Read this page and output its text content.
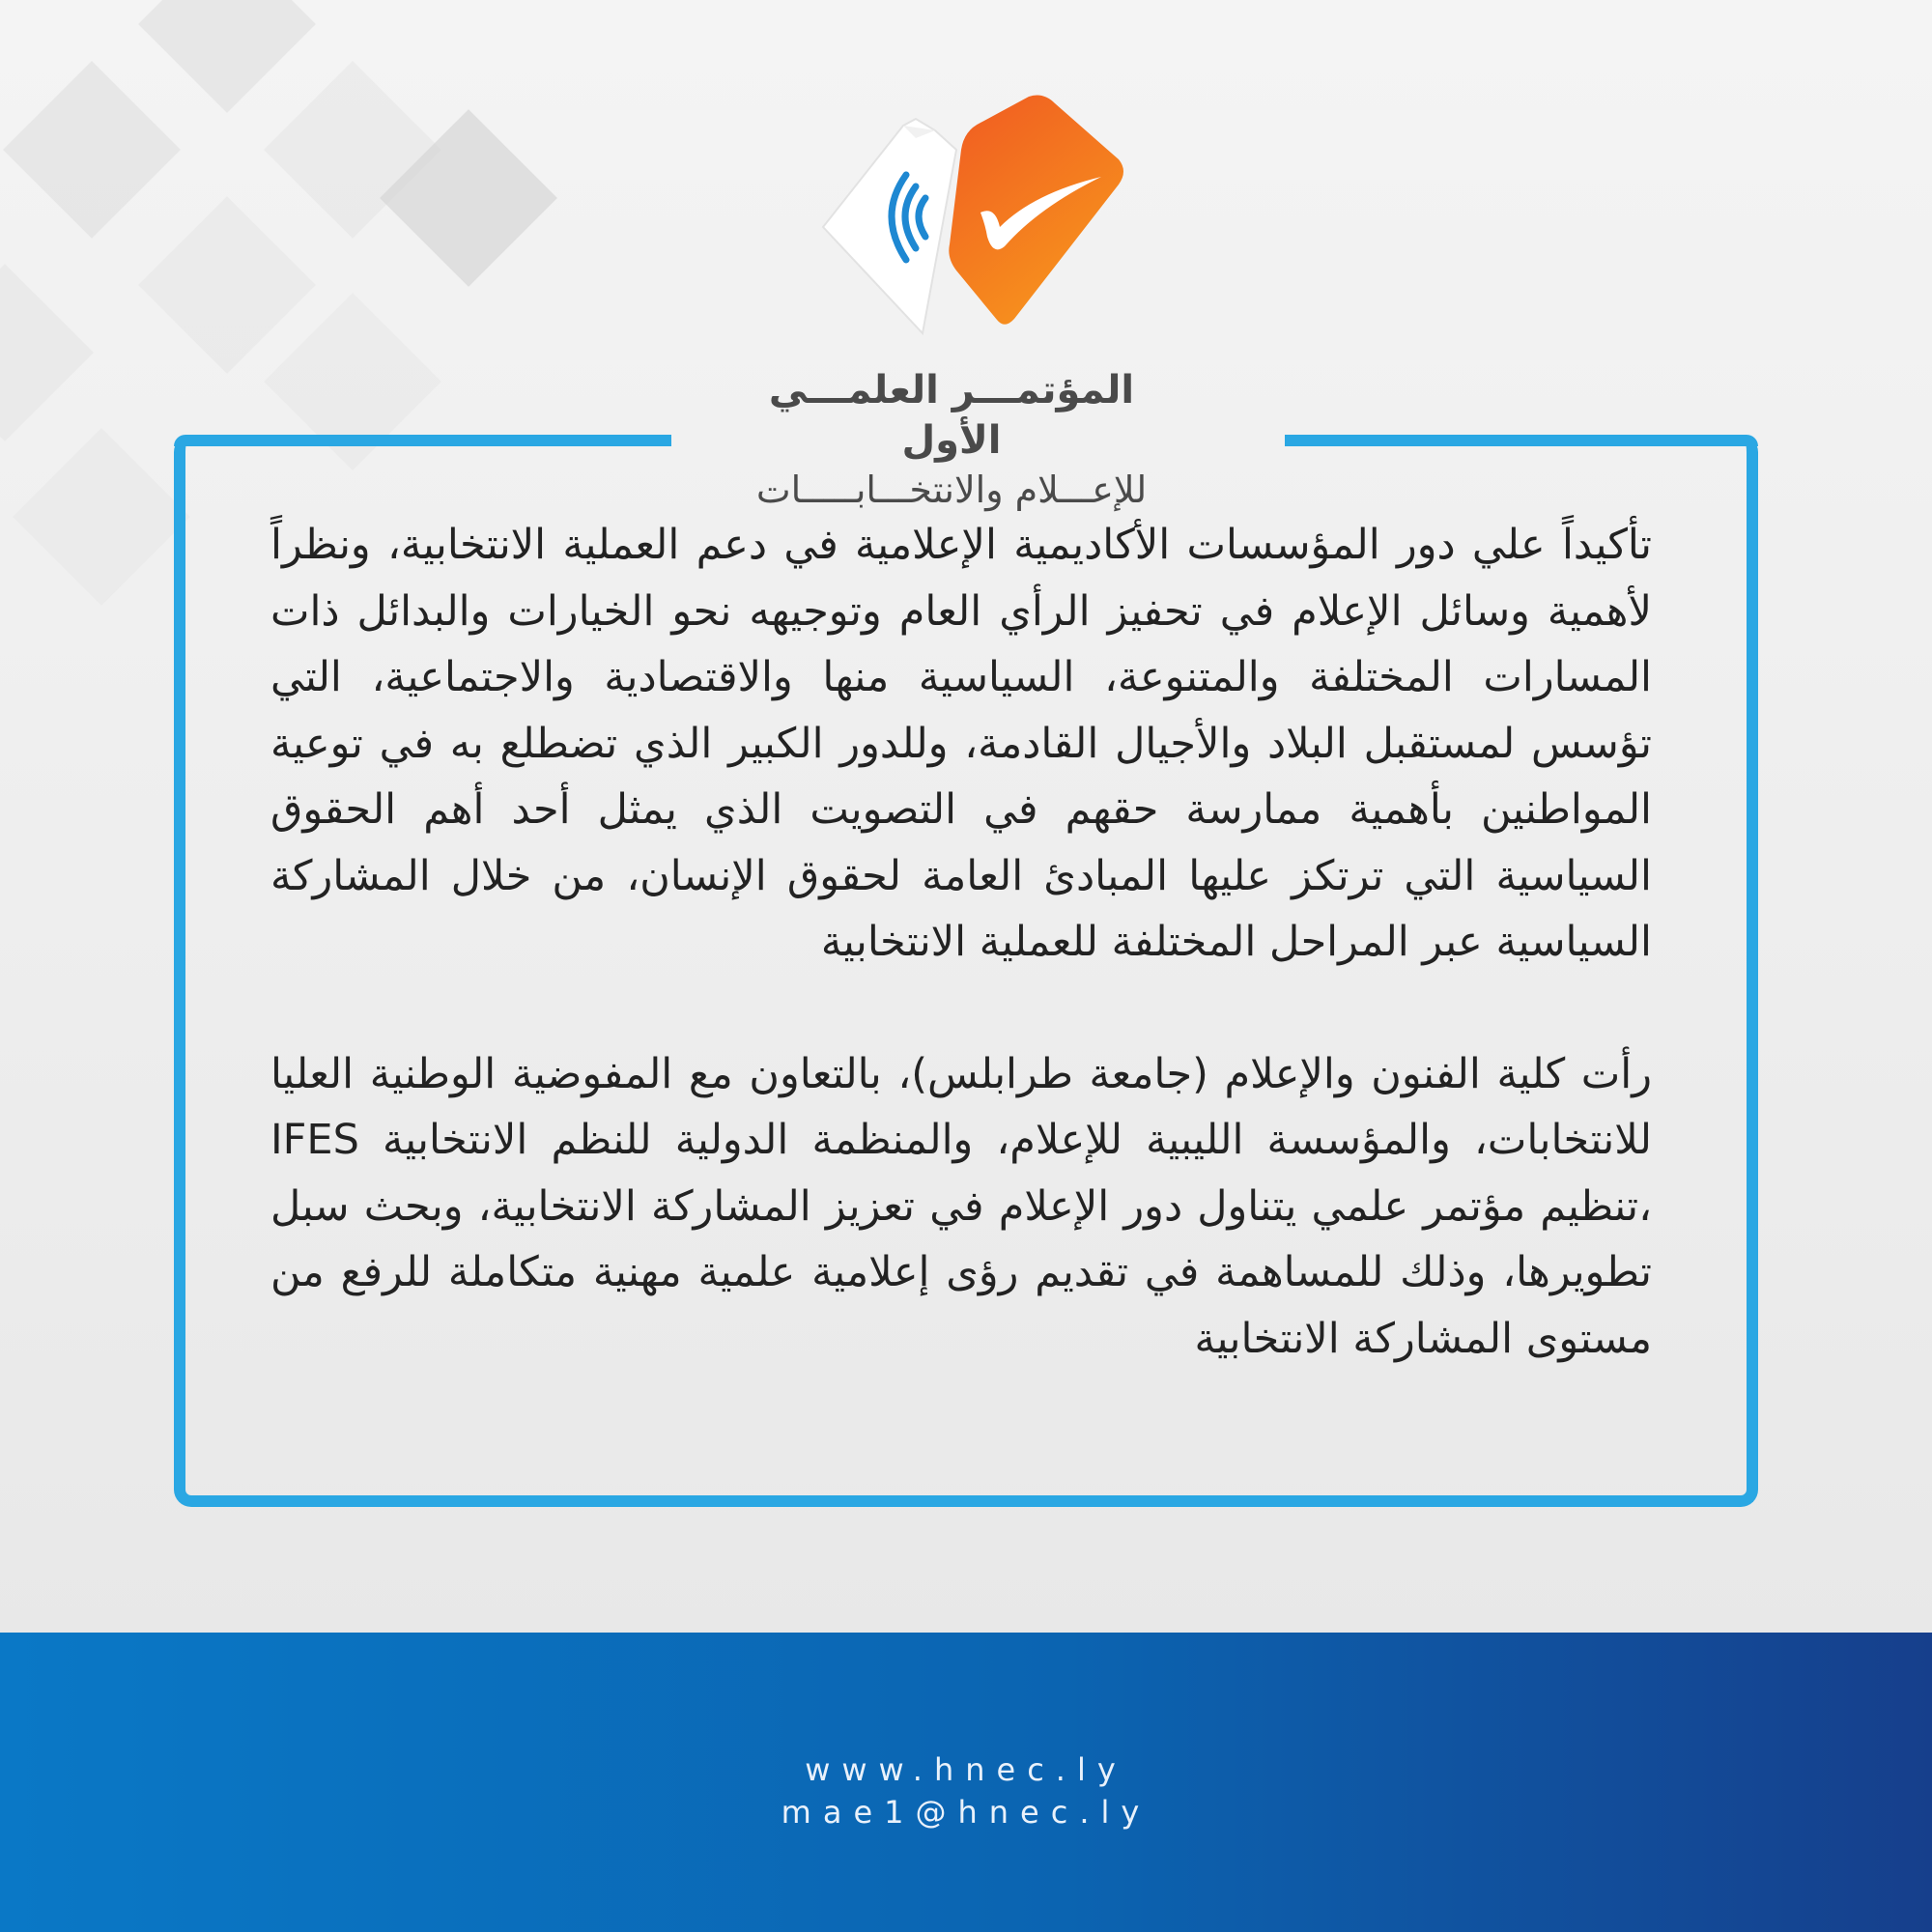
المؤتمـــر العلمـــي الأول
للإعـــلام والانتخـــابـــــات

تأكيداً علي دور المؤسسات الأكاديمية الإعلامية في دعم العملية الانتخابية، ونظراً لأهمية وسائل الإعلام في تحفيز الرأي العام وتوجيهه نحو الخيارات والبدائل ذات المسارات المختلفة والمتنوعة، السياسية منها والاقتصادية والاجتماعية، التي تؤسس لمستقبل البلاد والأجيال القادمة، وللدور الكبير الذي تضطلع به في توعية المواطنين بأهمية ممارسة حقهم في التصويت الذي يمثل أحد أهم الحقوق السياسية التي ترتكز عليها المبادئ العامة لحقوق الإنسان، من خلال المشاركة السياسية عبر المراحل المختلفة للعملية الانتخابية

رأت كلية الفنون والإعلام (جامعة طرابلس)، بالتعاون مع المفوضية الوطنية العليا للانتخابات، والمؤسسة الليبية للإعلام، والمنظمة الدولية للنظم الانتخابية IFES ،تنظيم مؤتمر علمي يتناول دور الإعلام في تعزيز المشاركة الانتخابية، وبحث سبل تطويرها، وذلك للمساهمة في تقديم رؤى إعلامية علمية مهنية متكاملة للرفع من مستوى المشاركة الانتخابية

www.hnec.ly
mae1@hnec.ly
